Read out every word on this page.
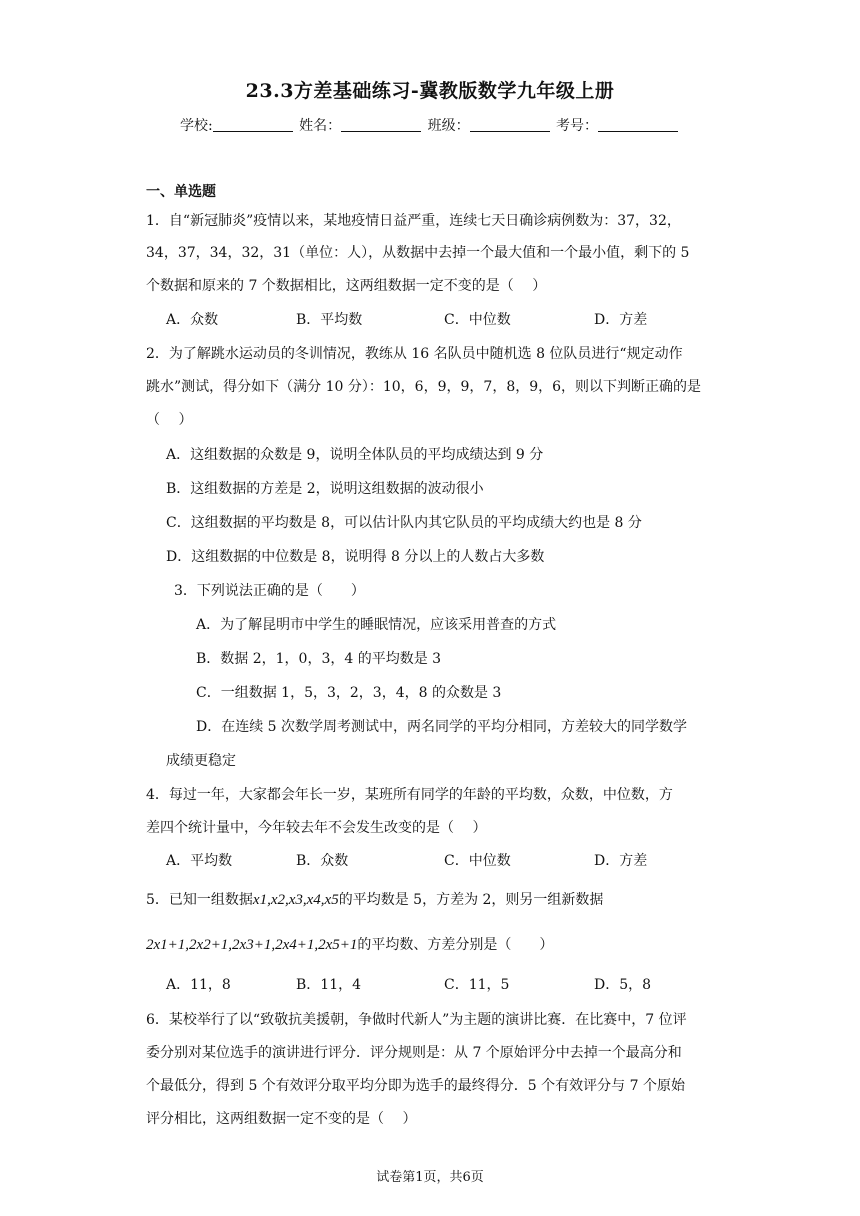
23.3方差基础练习-冀教版数学九年级上册
学校:	姓名：	班级：	考号：
一、单选题
1．自“新冠肺炎”疫情以来，某地疫情日益严重，连续七天日确诊病例数为：37，32，
34，37，34，32，31（单位：人），从数据中去掉一个最大值和一个最小值，剩下的 5
个数据和原来的 7 个数据相比，这两组数据一定不变的是（　 ）
A．众数	B．平均数	C．中位数	D．方差
2．为了解跳水运动员的冬训情况，教练从 16 名队员中随机选 8 位队员进行“规定动作
跳水”测试，得分如下（满分 10 分）：10，6，9，9，7，8，9，6，则以下判断正确的是
（　 ）
A．这组数据的众数是 9，说明全体队员的平均成绩达到 9 分
B．这组数据的方差是 2，说明这组数据的波动很小
C．这组数据的平均数是 8，可以估计队内其它队员的平均成绩大约也是 8 分
D．这组数据的中位数是 8，说明得 8 分以上的人数占大多数
3．下列说法正确的是（　　）
A．为了解昆明市中学生的睡眠情况，应该采用普查的方式
B．数据 2，1，0，3，4 的平均数是 3
C．一组数据 1，5，3，2，3，4，8 的众数是 3
D．在连续 5 次数学周考测试中，两名同学的平均分相同，方差较大的同学数学
成绩更稳定
4．每过一年，大家都会年长一岁，某班所有同学的年龄的平均数，众数，中位数，方
差四个统计量中，今年较去年不会发生改变的是（　 ）
A．平均数	B．众数	C．中位数	D．方差
5．已知一组数据x1,x2,x3,x4,x5的平均数是 5，方差为 2，则另一组新数据
2x1+1,2x2+1,2x3+1,2x4+1,2x5+1的平均数、方差分别是（　　）
A．11，8	B．11，4	C．11，5	D．5，8
6．某校举行了以“致敬抗美援朝，争做时代新人”为主题的演讲比赛．在比赛中，7 位评
委分别对某位选手的演讲进行评分．评分规则是：从 7 个原始评分中去掉一个最高分和
个最低分，得到 5 个有效评分取平均分即为选手的最终得分．5 个有效评分与 7 个原始
评分相比，这两组数据一定不变的是（　 ）
试卷第1页，共6页
